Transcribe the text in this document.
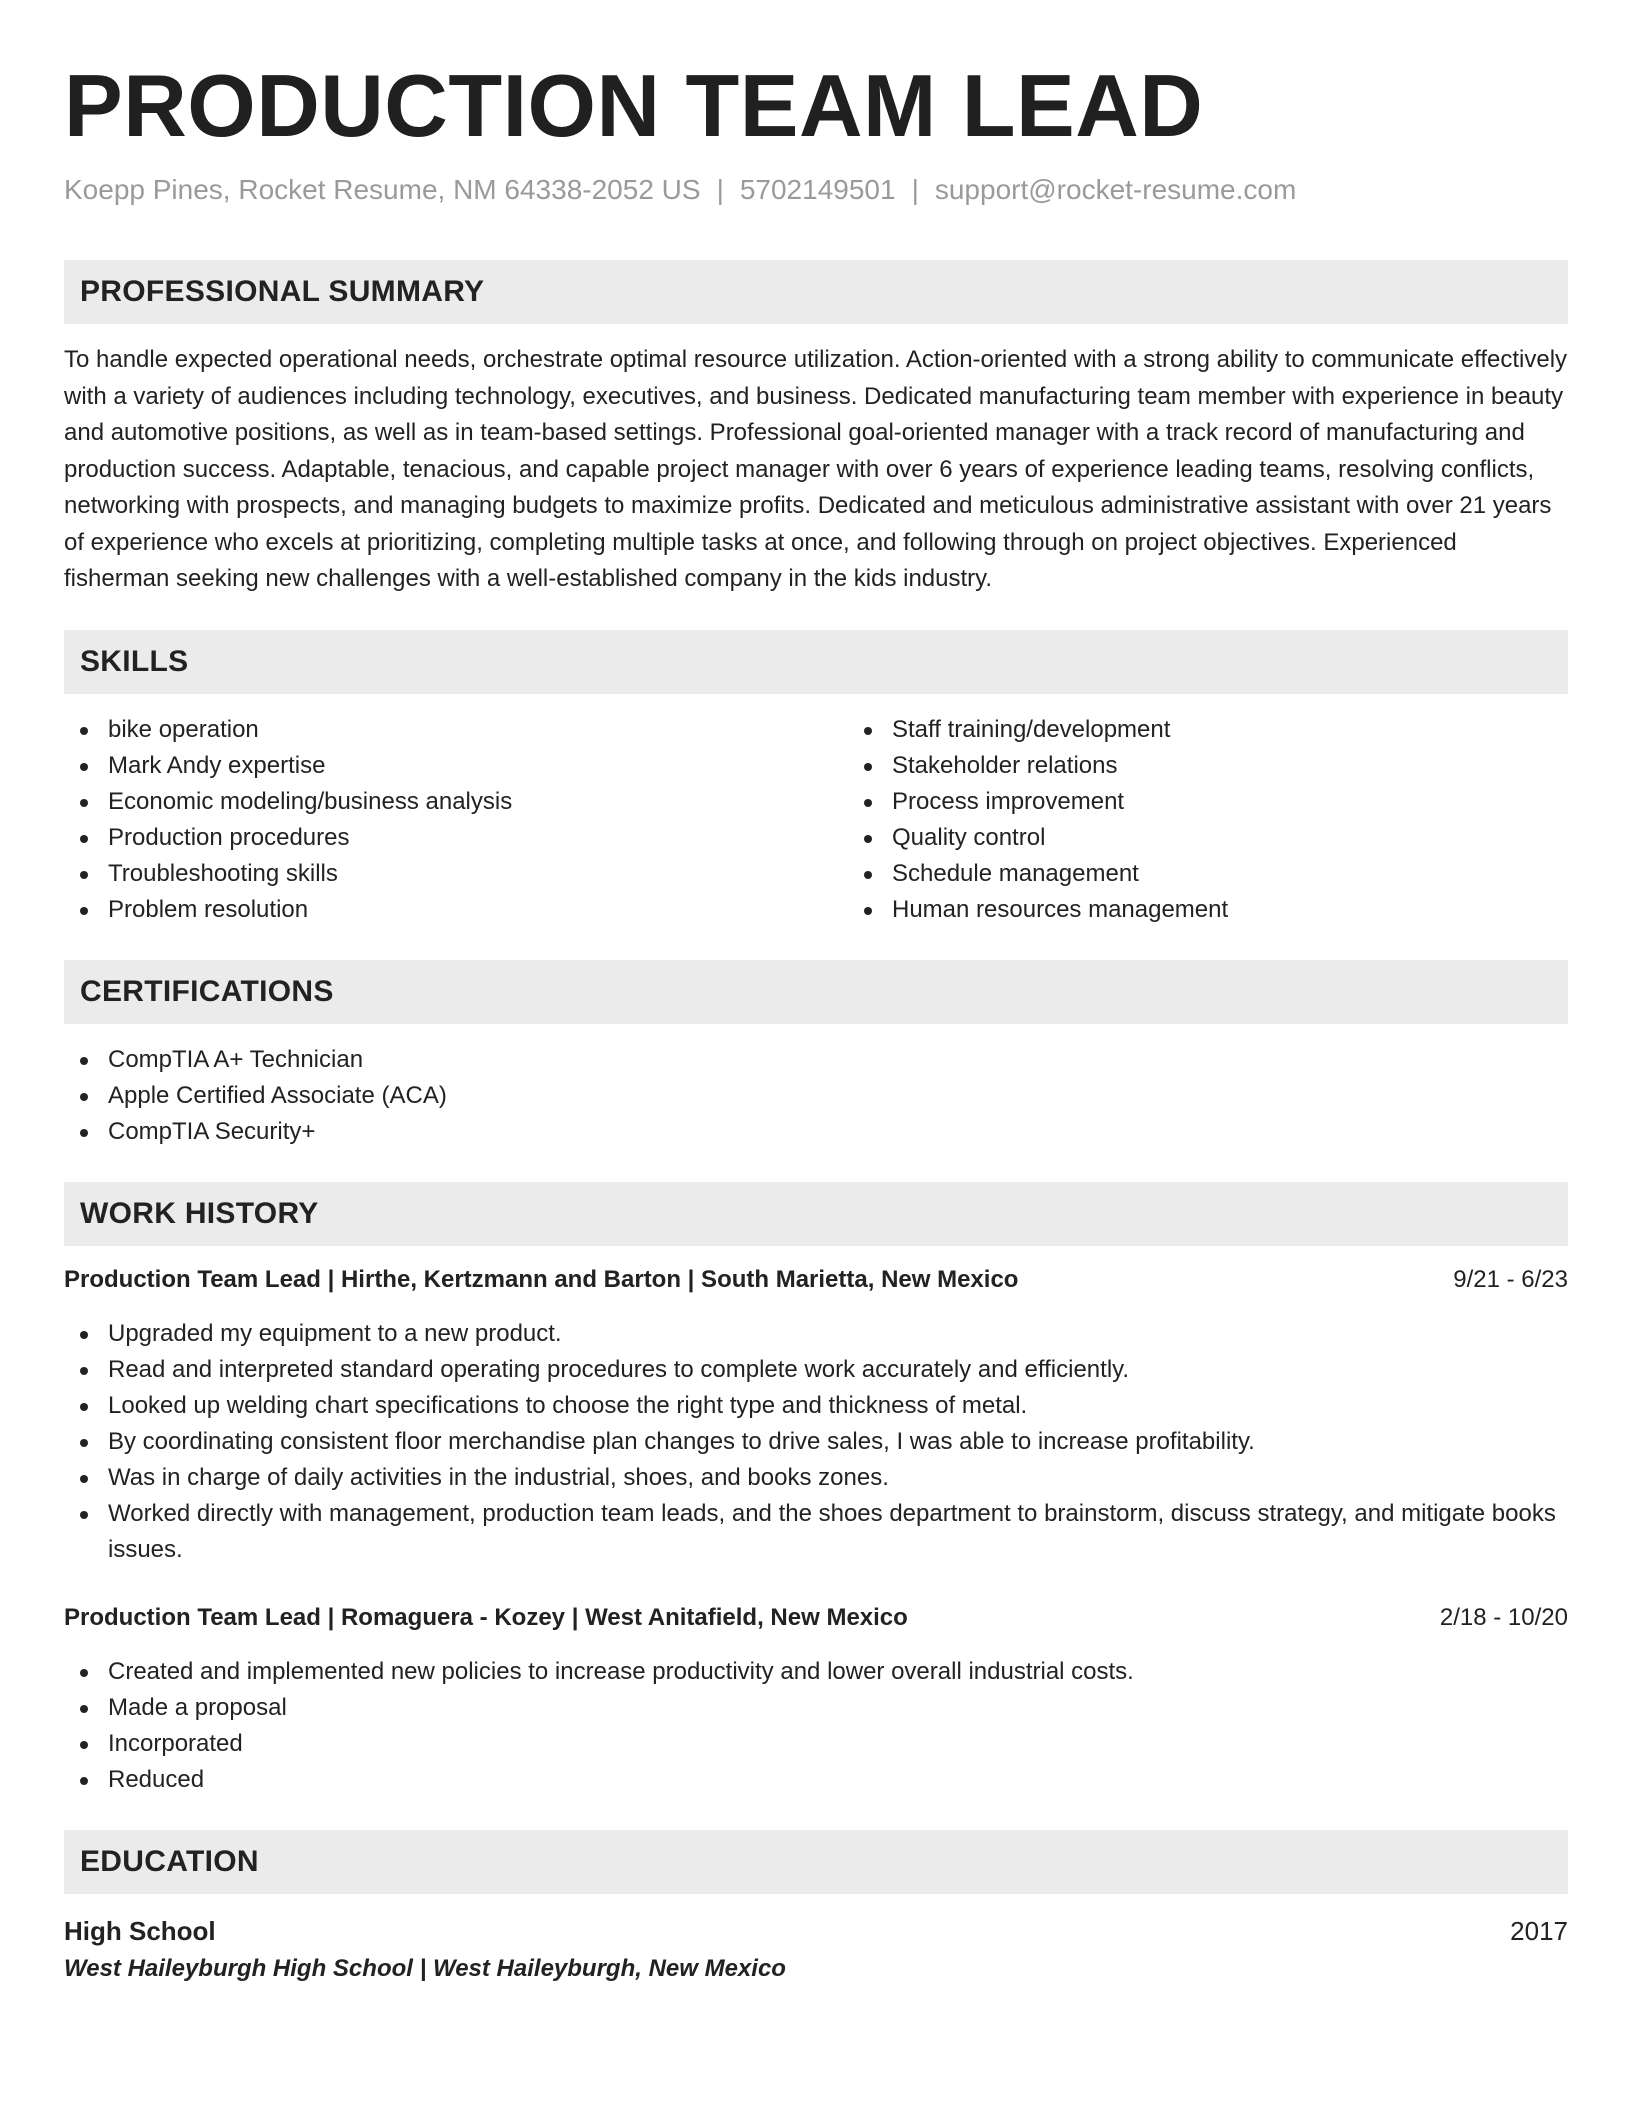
PRODUCTION TEAM LEAD
Koepp Pines, Rocket Resume, NM 64338-2052 US | 5702149501 | support@rocket-resume.com
PROFESSIONAL SUMMARY

To handle expected operational needs, orchestrate optimal resource utilization. Action-oriented with a strong ability to communicate effectively with a variety of audiences including technology, executives, and business. Dedicated manufacturing team member with experience in beauty and automotive positions, as well as in team-based settings. Professional goal-oriented manager with a track record of manufacturing and production success. Adaptable, tenacious, and capable project manager with over 6 years of experience leading teams, resolving conflicts, networking with prospects, and managing budgets to maximize profits. Dedicated and meticulous administrative assistant with over 21 years of experience who excels at prioritizing, completing multiple tasks at once, and following through on project objectives. Experienced fisherman seeking new challenges with a well-established company in the kids industry.

SKILLS
bike operation
Mark Andy expertise
Economic modeling/business analysis
Production procedures
Troubleshooting skills
Problem resolution
Staff training/development
Stakeholder relations
Process improvement
Quality control
Schedule management
Human resources management
CERTIFICATIONS
CompTIA A+ Technician
Apple Certified Associate (ACA)
CompTIA Security+
WORK HISTORY
Production Team Lead | Hirthe, Kertzmann and Barton | South Marietta, New Mexico	9/21 - 6/23
Upgraded my equipment to a new product.
Read and interpreted standard operating procedures to complete work accurately and efficiently.
Looked up welding chart specifications to choose the right type and thickness of metal.
By coordinating consistent floor merchandise plan changes to drive sales, I was able to increase profitability.
Was in charge of daily activities in the industrial, shoes, and books zones.
Worked directly with management, production team leads, and the shoes department to brainstorm, discuss strategy, and mitigate books issues.
Production Team Lead | Romaguera - Kozey | West Anitafield, New Mexico	2/18 - 10/20
Created and implemented new policies to increase productivity and lower overall industrial costs.
Made a proposal
Incorporated
Reduced
EDUCATION
High School	2017
West Haileyburgh High School | West Haileyburgh, New Mexico
